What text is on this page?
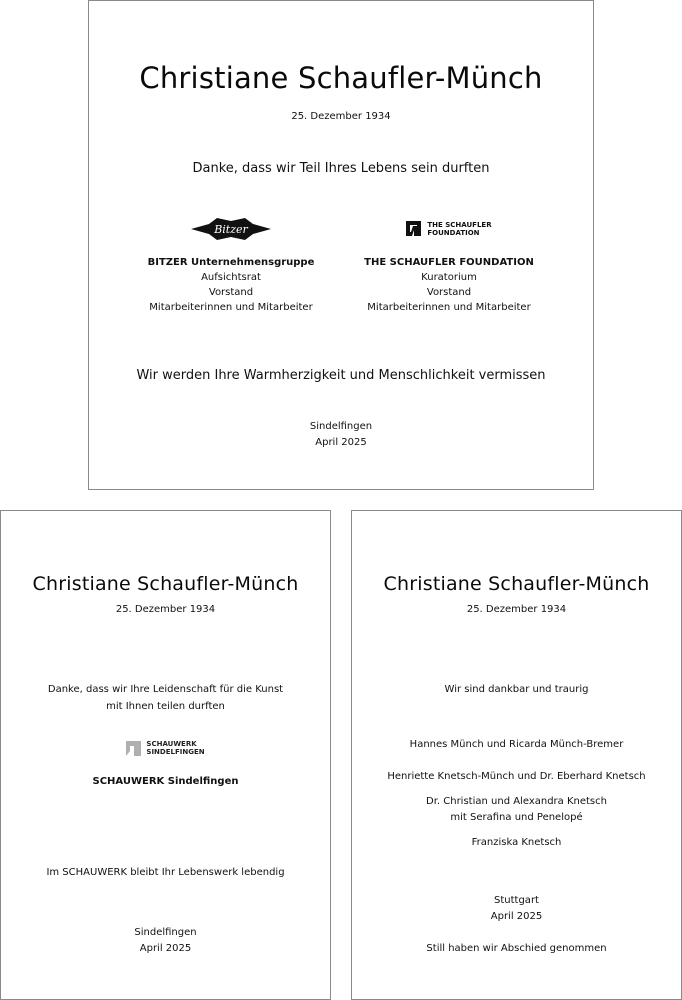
Christiane Schaufler-Münch
25. Dezember 1934
Danke, dass wir Teil Ihres Lebens sein durften
Bitzer
BITZER Unternehmensgruppe
Aufsichtsrat
Vorstand
Mitarbeiterinnen und Mitarbeiter
THE SCHAUFLER
FOUNDATION
THE SCHAUFLER FOUNDATION
Kuratorium
Vorstand
Mitarbeiterinnen und Mitarbeiter
Wir werden Ihre Warmherzigkeit und Menschlichkeit vermissen
Sindelfingen
April 2025
Christiane Schaufler-Münch
25. Dezember 1934
Danke, dass wir Ihre Leidenschaft für die Kunst
mit Ihnen teilen durften
SCHAUWERK
SINDELFINGEN
SCHAUWERK Sindelfingen
Im SCHAUWERK bleibt Ihr Lebenswerk lebendig
Sindelfingen
April 2025
Christiane Schaufler-Münch
25. Dezember 1934
Wir sind dankbar und traurig
Hannes Münch und Ricarda Münch-Bremer
Henriette Knetsch-Münch und Dr. Eberhard Knetsch
Dr. Christian und Alexandra Knetsch
mit Serafina und Penelopé
Franziska Knetsch
Stuttgart
April 2025
Still haben wir Abschied genommen
